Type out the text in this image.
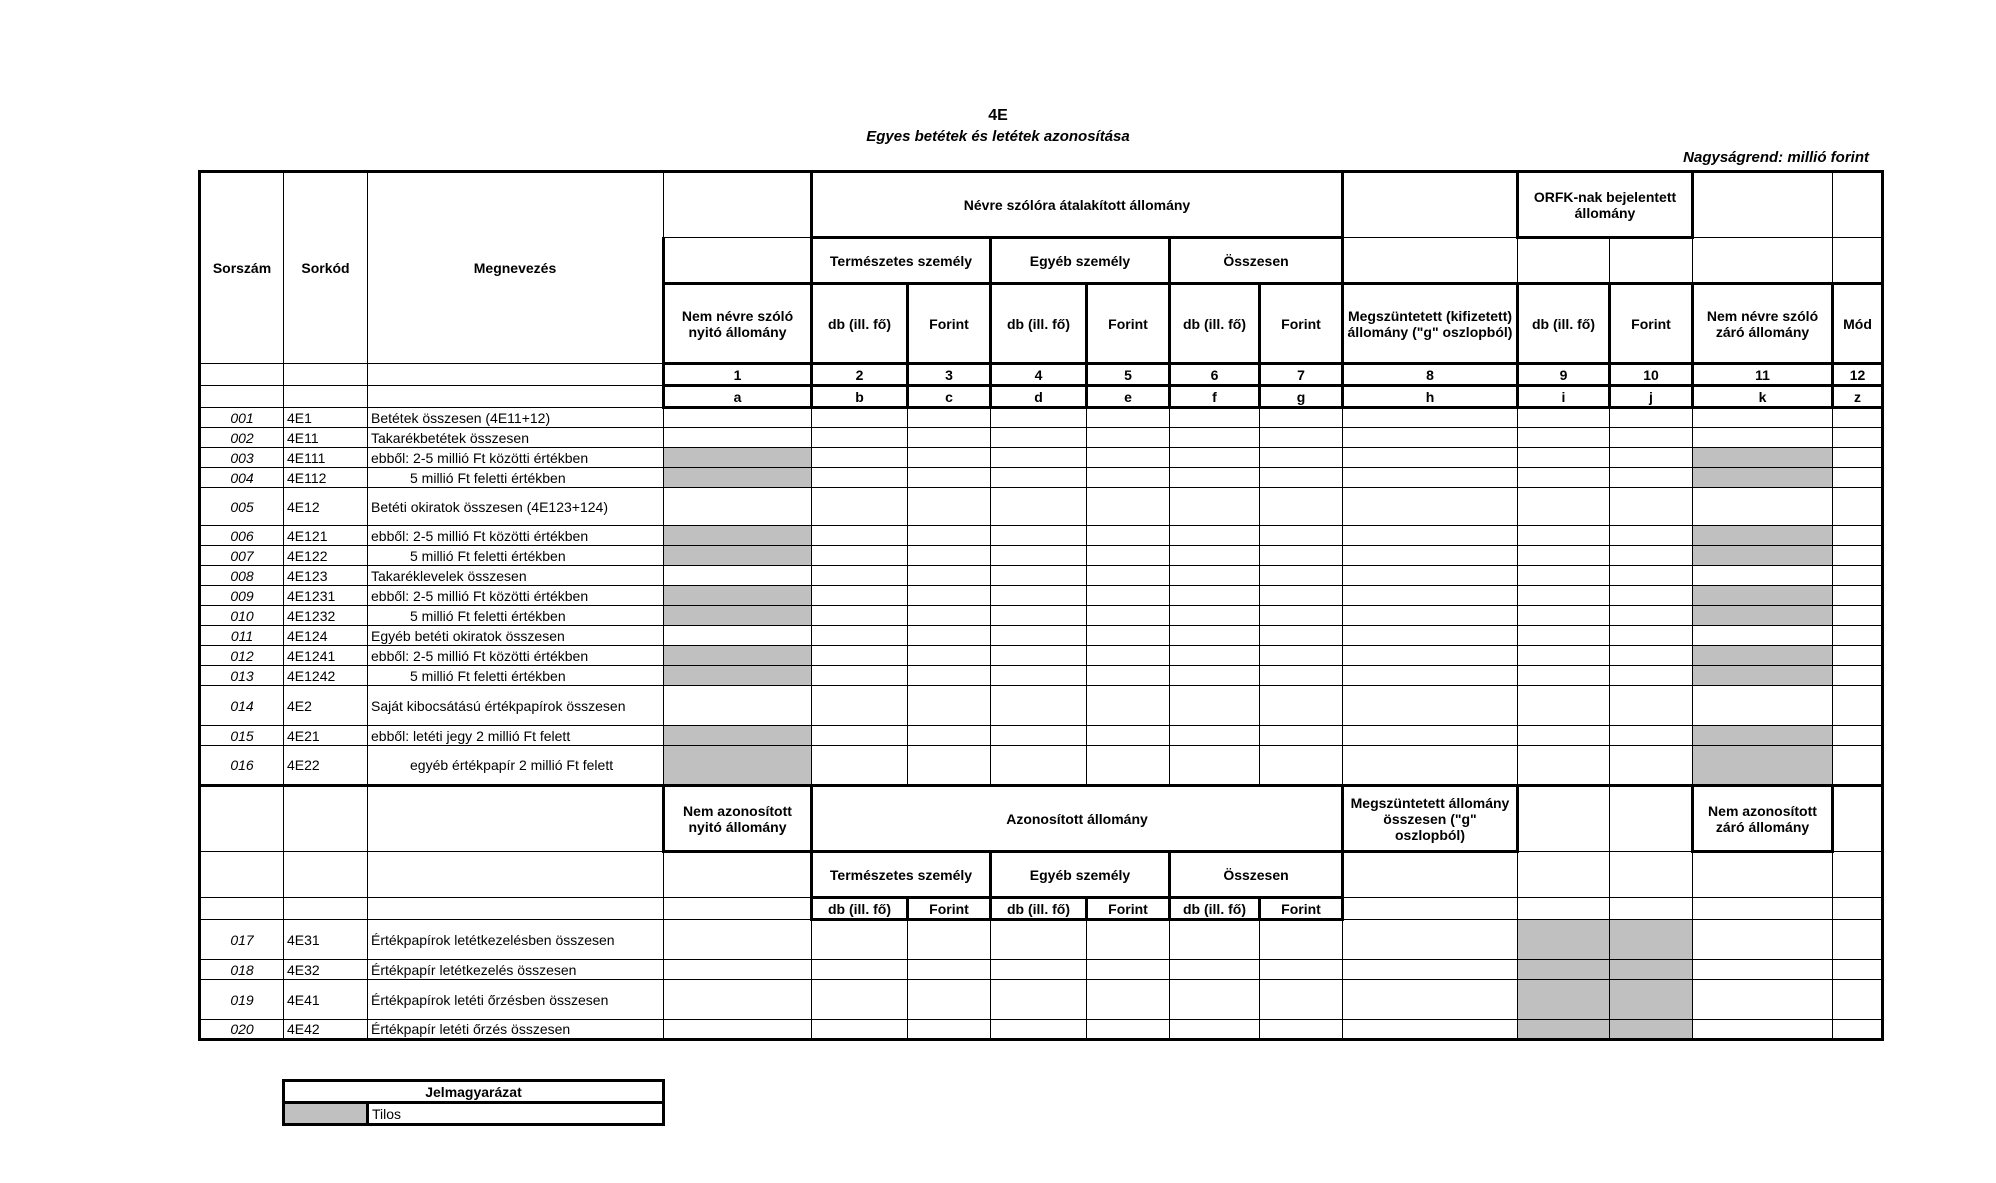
4E
Egyes betétek és letétek azonosítása
Nagyságrend: millió forint
Sorszám	Sorkód	Megnevezés		Névre szólóra átalakított állomány							ORFK-nak bejelentett állomány			
				Természetes személy		Egyéb személy		Összesen						
			Nem névre szóló nyitó állomány	db (ill. fő)	Forint	db (ill. fő)	Forint	db (ill. fő)	Forint	Megszüntetett (kifizetett) állomány ("g" oszlopból)	db (ill. fő)	Forint	Nem névre szóló záró állomány	Mód
			1	2	3	4	5	6	7	8	9	10	11	12
			a	b	c	d	e	f	g	h	i	j	k	z
001	4E1	Betétek összesen (4E11+12)												
002	4E11	Takarékbetétek összesen												
003	4E111	ebből: 2-5 millió Ft közötti értékben												
004	4E112	5 millió Ft feletti értékben												
005	4E12	Betéti okiratok összesen (4E123+124)												
006	4E121	ebből: 2-5 millió Ft közötti értékben												
007	4E122	5 millió Ft feletti értékben												
008	4E123	Takaréklevelek összesen												
009	4E1231	ebből: 2-5 millió Ft közötti értékben												
010	4E1232	5 millió Ft feletti értékben												
011	4E124	Egyéb betéti okiratok összesen												
012	4E1241	ebből: 2-5 millió Ft közötti értékben												
013	4E1242	5 millió Ft feletti értékben												
014	4E2	Saját kibocsátású értékpapírok összesen												
015	4E21	ebből: letéti jegy 2 millió Ft felett												
016	4E22	egyéb értékpapír 2 millió Ft felett												
			Nem azonosított nyitó állomány	Azonosított állomány						Megszüntetett állomány összesen ("g" oszlopból)			Nem azonosított záró állomány	
				Természetes személy		Egyéb személy		Összesen						
				db (ill. fő)	Forint	db (ill. fő)	Forint	db (ill. fő)	Forint					
017	4E31	Értékpapírok letétkezelésben összesen												
018	4E32	Értékpapír letétkezelés összesen												
019	4E41	Értékpapírok letéti őrzésben összesen												
020	4E42	Értékpapír letéti őrzés összesen												
Jelmagyarázat
	Tilos
